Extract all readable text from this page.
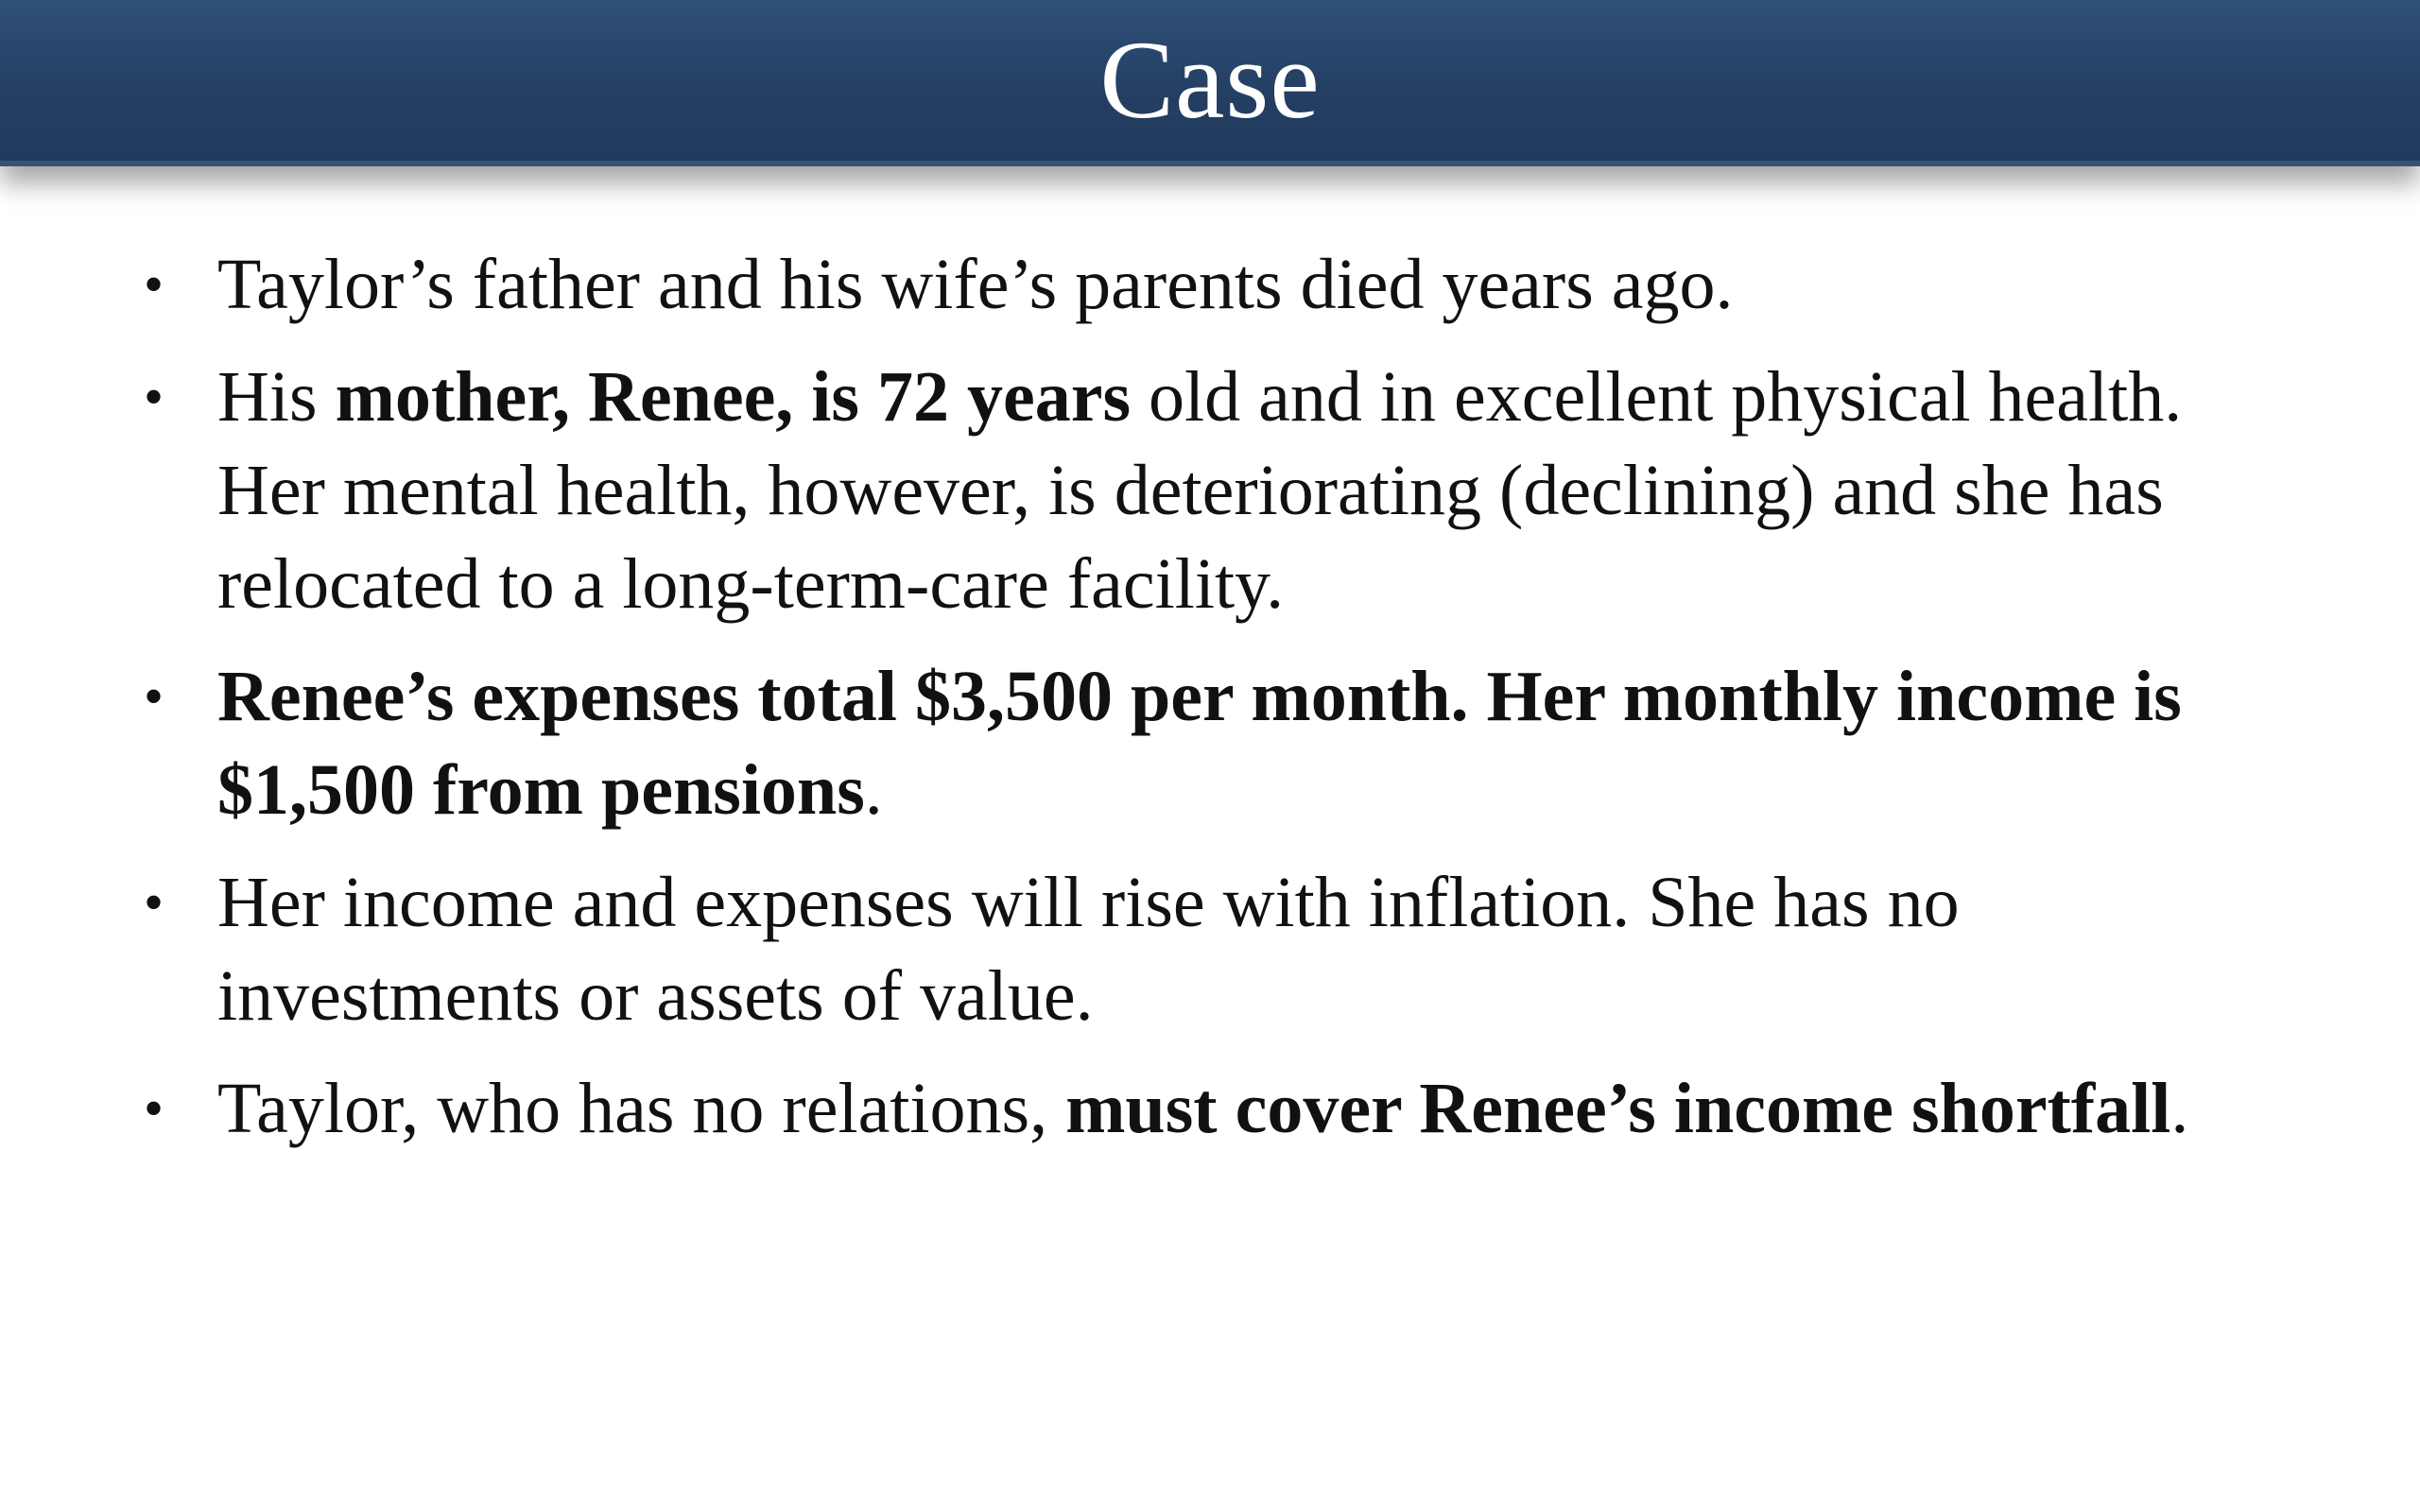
Case
• Taylor’s father and his wife’s parents died years ago.
• His mother, Renee, is 72 years old and in excellent physical health. Her mental health, however, is deteriorating (declining) and she has relocated to a long-term-care facility.
• Renee’s expenses total $3,500 per month. Her monthly income is $1,500 from pensions.
• Her income and expenses will rise with inflation. She has no investments or assets of value.
• Taylor, who has no relations, must cover Renee’s income shortfall.
